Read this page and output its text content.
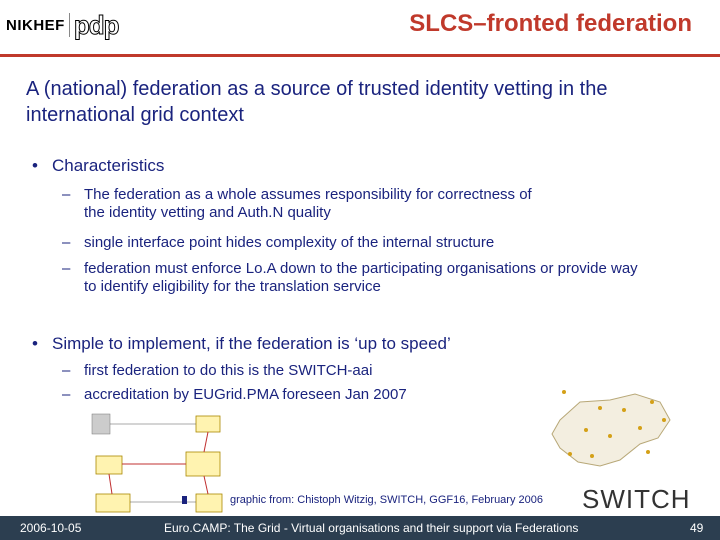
NIKHEF pdp	SLCS–fronted federation
A (national) federation as a source of trusted identity vetting in the international grid context
• Characteristics
– The federation as a whole assumes responsibility for correctness of the identity vetting and Auth.N quality
– single interface point hides complexity of the internal structure
– federation must enforce Lo.A down to the participating organisations or provide way to identify eligibility for the translation service
• Simple to implement, if the federation is ‘up to speed’
– first federation to do this is the SWITCH-aai
– accreditation by EUGrid.PMA foreseen Jan 2007
graphic from: Chistoph Witzig, SWITCH, GGF16, February 2006 SWITCH
2006-10-05	Euro.CAMP: The Grid - Virtual organisations and their support via Federations	49
